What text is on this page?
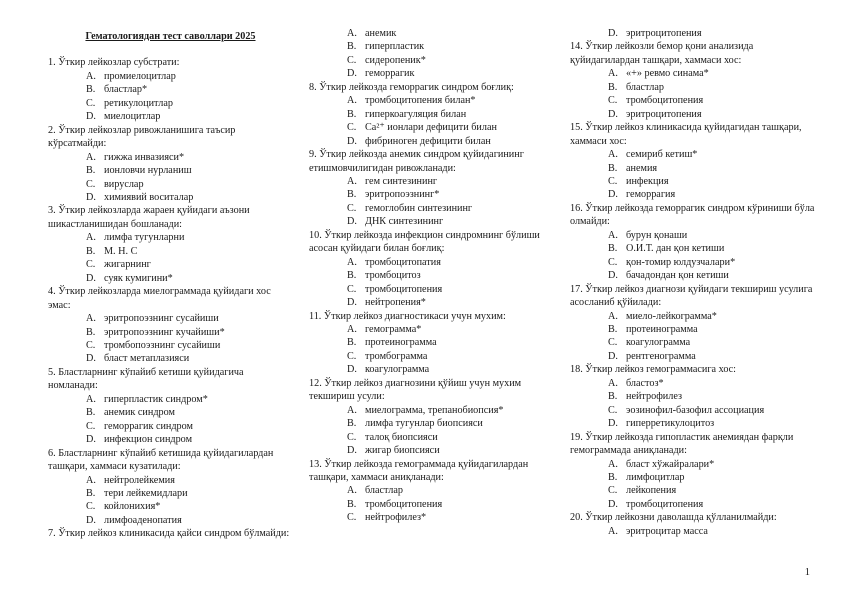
Гематологиядан тест саволлари 2025
1. Ўткир лейкозлар субстрати:
A. промиелоцитлар
B. бластлар*
C. ретикулоцитлар
D. миелоцитлар
2. Ўткир лейкозлар ривожланишига таъсир кўрсатмайди:
A. гижжа инвазияси*
B. ионловчи нурланиш
C. вируслар
D. химиявий воситалар
3. Ўткир лейкозларда жараен қуйидаги аъзони шикастланишидан бошланади:
A. лимфа тугунларни
B. М. Н. С
C. жигарнинг
D. суяк кумигини*
4. Ўткир лейкозларда миелограммада қуйидаги хос эмас:
A. эритропоэзнинг сусайиши
B. эритропоэзнинг кучайиши*
C. тромбопоэзнинг сусайиши
D. бласт метаплазияси
5. Бластларнинг кўпайиб кетиши қуйидагича номланади:
A. гиперпластик синдром*
B. анемик синдром
C. геморрагик синдром
D. инфекцион синдром
6. Бластларнинг кўпайиб кетишида қуйидагилардан ташқари, хаммаси кузатилади:
A. нейтролейкемия
B. тери лейкемидлари
C. койлонихия*
D. лимфоаденопатия
7. Ўткир лейкоз клиникасида қайси синдром бўлмайди:
A. анемик
B. гиперпластик
C. сидеропеник*
D. геморрагик
8. Ўткир лейкозда геморрагик синдром боғлиқ:
A. тромбоцитопения билан*
B. гиперкоагуляция билан
C. Са²⁺ ионлари дефицити билан
D. фибриноген дефицити билан
9. Ўткир лейкозда анемик синдром қуйидагининг етишмовчилигидан ривожланади:
A. гем синтезининг
B. эритропоэзнинг*
C. гемоглобин синтезининг
D. ДНК синтезининг
10. Ўткир лейкозда инфекцион синдромнинг бўлиши асосан қуйидаги билан боғлиқ:
A. тромбоцитопатия
B. тромбоцитоз
C. тромбоцитопения
D. нейтропения*
11. Ўткир лейкоз диагностикаси учун мухим:
A. гемограмма*
B. протеинограмма
C. тромбограмма
D. коагулограмма
12. Ўткир лейкоз диагнозини қўйиш учун мухим текшириш усули:
A. миелограмма, трепанобиопсия*
B. лимфа тугунлар биопсияси
C. талоқ биопсияси
D. жигар биопсияси
13. Ўткир лейкозда гемограммада қуйидагилардан ташқари, хаммаси аниқланади:
A. бластлар
B. тромбоцитопения
C. нейтрофилез*
D. эритроцитопения
14. Ўткир лейкозли бемор қони анализида қуйидагилардан ташқари, хаммаси хос:
A. «+» ревмо синама*
B. бластлар
C. тромбоцитопения
D. эритроцитопения
15. Ўткир лейкоз клиникасида қуйидагидан ташқари, хаммаси хос:
A. семириб кетиш*
B. анемия
C. инфекция
D. геморрагия
16. Ўткир лейкозда геморрагик синдром кўриниши бўла олмайди:
A. бурун қонаши
B. О.И.Т. дан қон кетиши
C. қон-томир юлдузчалари*
D. бачадондан қон кетиши
17. Ўткир лейкоз диагнози қуйидаги текшириш усулига асосланиб қўйилади:
A. миело-лейкограмма*
B. протеинограмма
C. коагулограмма
D. рентгенограмма
18. Ўткир лейкоз гемограммасига хос:
A. бластоз*
B. нейтрофилез
C. эозинофил-базофил ассоциация
D. гиперретикулоцитоз
19. Ўткир лейкозда гипопластик анемиядан фарқли гемограммада аниқланади:
A. бласт хўжайралари*
B. лимфоцитлар
C. лейкопения
D. тромбоцитопения
20. Ўткир лейкозни даволашда қўлланилмайди:
A. эритроцитар масса
1
